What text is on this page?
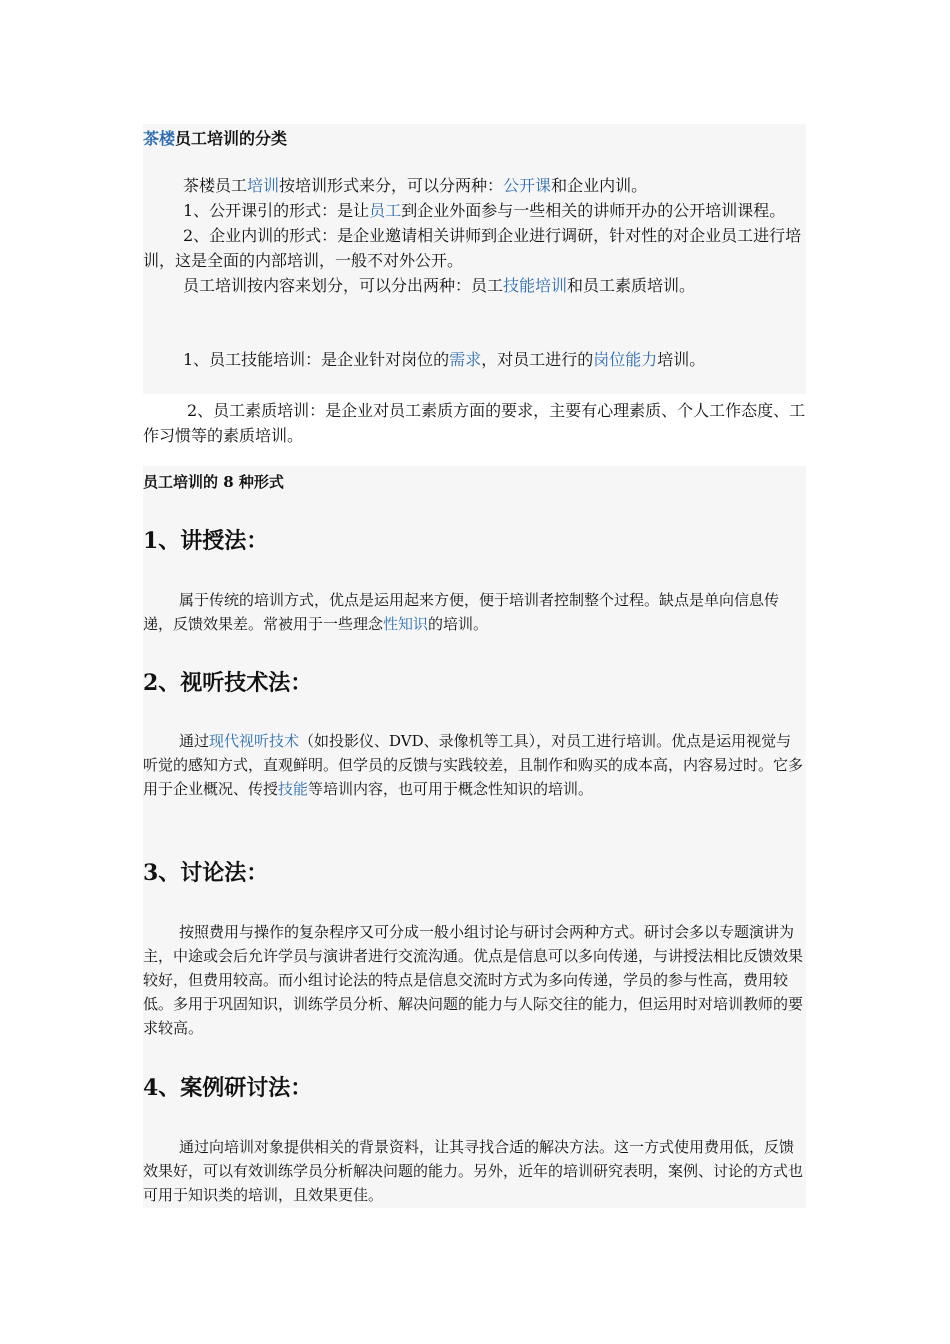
茶楼员工培训的分类

茶楼员工培训按培训形式来分，可以分两种：公开课和企业内训。

1、公开课引的形式：是让员工到企业外面参与一些相关的讲师开办的公开培训课程。

2、企业内训的形式：是企业邀请相关讲师到企业进行调研，针对性的对企业员工进行培训，这是全面的内部培训，一般不对外公开。

员工培训按内容来划分，可以分出两种：员工技能培训和员工素质培训。

1、员工技能培训：是企业针对岗位的需求，对员工进行的岗位能力培训。

2、员工素质培训：是企业对员工素质方面的要求，主要有心理素质、个人工作态度、工作习惯等的素质培训。

员工培训的 8 种形式
1、讲授法：

属于传统的培训方式，优点是运用起来方便，便于培训者控制整个过程。缺点是单向信息传递，反馈效果差。常被用于一些理念性知识的培训。

2、视听技术法：

通过现代视听技术（如投影仪、DVD、录像机等工具），对员工进行培训。优点是运用视觉与听觉的感知方式，直观鲜明。但学员的反馈与实践较差，且制作和购买的成本高，内容易过时。它多用于企业概况、传授技能等培训内容，也可用于概念性知识的培训。

3、讨论法：

按照费用与操作的复杂程序又可分成一般小组讨论与研讨会两种方式。研讨会多以专题演讲为主，中途或会后允许学员与演讲者进行交流沟通。优点是信息可以多向传递，与讲授法相比反馈效果较好，但费用较高。而小组讨论法的特点是信息交流时方式为多向传递，学员的参与性高，费用较低。多用于巩固知识，训练学员分析、解决问题的能力与人际交往的能力，但运用时对培训教师的要求较高。

4、案例研讨法：

通过向培训对象提供相关的背景资料，让其寻找合适的解决方法。这一方式使用费用低，反馈效果好，可以有效训练学员分析解决问题的能力。另外，近年的培训研究表明，案例、讨论的方式也可用于知识类的培训，且效果更佳。
